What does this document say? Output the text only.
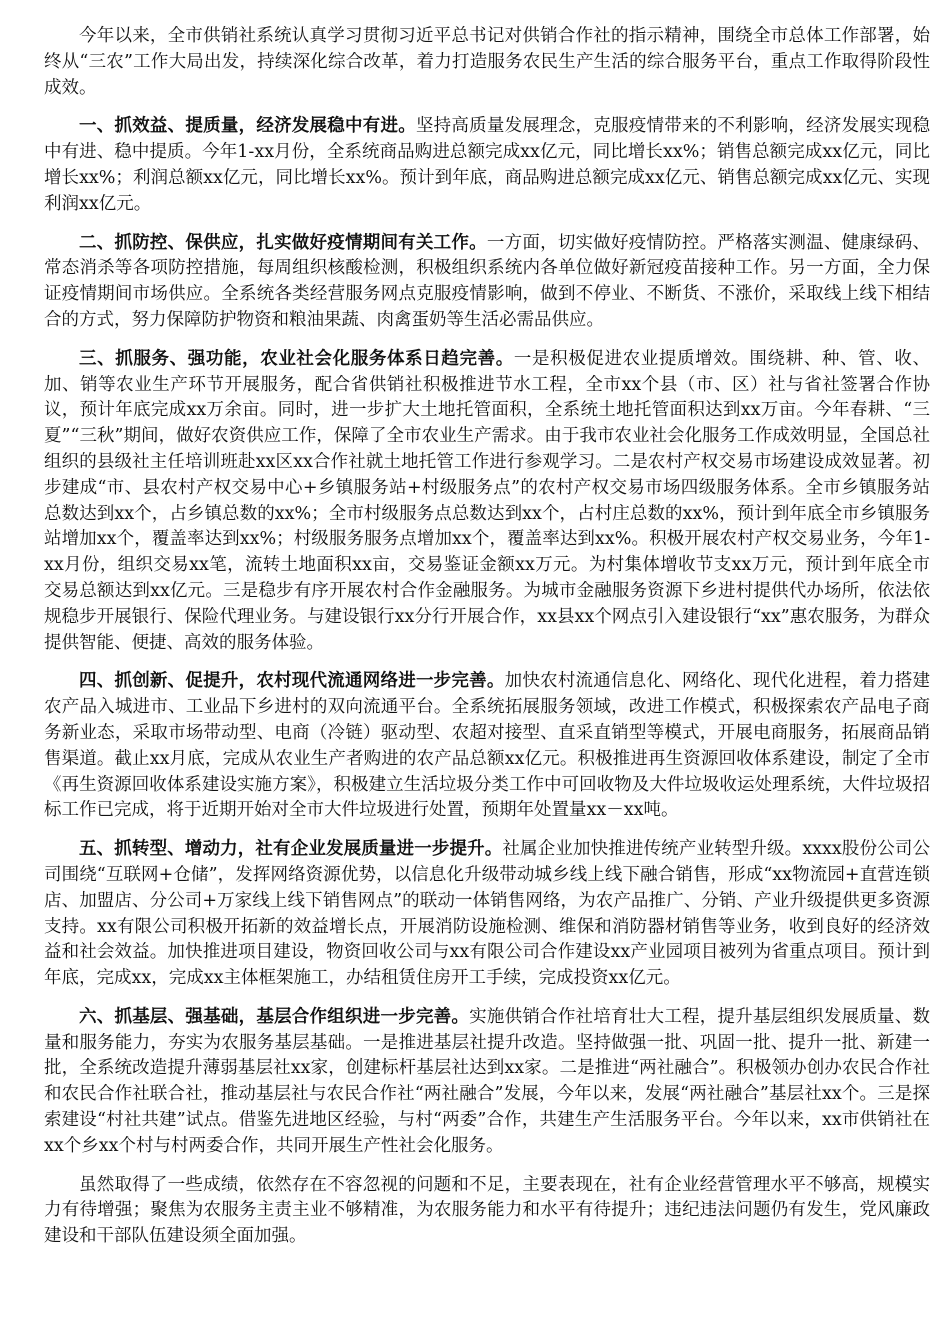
今年以来，全市供销社系统认真学习贯彻习近平总书记对供销合作社的指示精神，围绕全市总体工作部署，始终从“三农”工作大局出发，持续深化综合改革，着力打造服务农民生产生活的综合服务平台，重点工作取得阶段性成效。

一、抓效益、提质量，经济发展稳中有进。坚持高质量发展理念，克服疫情带来的不利影响，经济发展实现稳中有进、稳中提质。今年1-xx月份，全系统商品购进总额完成xx亿元，同比增长xx%；销售总额完成xx亿元，同比增长xx%；利润总额xx亿元，同比增长xx%。预计到年底，商品购进总额完成xx亿元、销售总额完成xx亿元、实现利润xx亿元。

二、抓防控、保供应，扎实做好疫情期间有关工作。一方面，切实做好疫情防控。严格落实测温、健康绿码、常态消杀等各项防控措施，每周组织核酸检测，积极组织系统内各单位做好新冠疫苗接种工作。另一方面，全力保证疫情期间市场供应。全系统各类经营服务网点克服疫情影响，做到不停业、不断货、不涨价，采取线上线下相结合的方式，努力保障防护物资和粮油果蔬、肉禽蛋奶等生活必需品供应。

三、抓服务、强功能，农业社会化服务体系日趋完善。一是积极促进农业提质增效。围绕耕、种、管、收、加、销等农业生产环节开展服务，配合省供销社积极推进节水工程，全市xx个县（市、区）社与省社签署合作协议，预计年底完成xx万余亩。同时，进一步扩大土地托管面积，全系统土地托管面积达到xx万亩。今年春耕、“三夏”“三秋”期间，做好农资供应工作，保障了全市农业生产需求。由于我市农业社会化服务工作成效明显，全国总社组织的县级社主任培训班赴xx区xx合作社就土地托管工作进行参观学习。二是农村产权交易市场建设成效显著。初步建成“市、县农村产权交易中心+乡镇服务站+村级服务点”的农村产权交易市场四级服务体系。全市乡镇服务站总数达到xx个，占乡镇总数的xx%；全市村级服务点总数达到xx个，占村庄总数的xx%，预计到年底全市乡镇服务站增加xx个，覆盖率达到xx%；村级服务服务点增加xx个，覆盖率达到xx%。积极开展农村产权交易业务，今年1-xx月份，组织交易xx笔，流转土地面积xx亩，交易鉴证金额xx万元。为村集体增收节支xx万元，预计到年底全市交易总额达到xx亿元。三是稳步有序开展农村合作金融服务。为城市金融服务资源下乡进村提供代办场所，依法依规稳步开展银行、保险代理业务。与建设银行xx分行开展合作，xx县xx个网点引入建设银行“xx”惠农服务，为群众提供智能、便捷、高效的服务体验。

四、抓创新、促提升，农村现代流通网络进一步完善。加快农村流通信息化、网络化、现代化进程，着力搭建农产品入城进市、工业品下乡进村的双向流通平台。全系统拓展服务领域，改进工作模式，积极探索农产品电子商务新业态，采取市场带动型、电商（冷链）驱动型、农超对接型、直采直销型等模式，开展电商服务，拓展商品销售渠道。截止xx月底，完成从农业生产者购进的农产品总额xx亿元。积极推进再生资源回收体系建设，制定了全市《再生资源回收体系建设实施方案》，积极建立生活垃圾分类工作中可回收物及大件垃圾收运处理系统，大件垃圾招标工作已完成，将于近期开始对全市大件垃圾进行处置，预期年处置量xx－xx吨。

五、抓转型、增动力，社有企业发展质量进一步提升。社属企业加快推进传统产业转型升级。xxxx股份公司公司围绕“互联网+仓储”，发挥网络资源优势，以信息化升级带动城乡线上线下融合销售，形成“xx物流园+直营连锁店、加盟店、分公司+万家线上线下销售网点”的联动一体销售网络，为农产品推广、分销、产业升级提供更多资源支持。xx有限公司积极开拓新的效益增长点，开展消防设施检测、维保和消防器材销售等业务，收到良好的经济效益和社会效益。加快推进项目建设，物资回收公司与xx有限公司合作建设xx产业园项目被列为省重点项目。预计到年底，完成xx，完成xx主体框架施工，办结租赁住房开工手续，完成投资xx亿元。

六、抓基层、强基础，基层合作组织进一步完善。实施供销合作社培育壮大工程，提升基层组织发展质量、数量和服务能力，夯实为农服务基层基础。一是推进基层社提升改造。坚持做强一批、巩固一批、提升一批、新建一批，全系统改造提升薄弱基层社xx家，创建标杆基层社达到xx家。二是推进“两社融合”。积极领办创办农民合作社和农民合作社联合社，推动基层社与农民合作社“两社融合”发展，今年以来，发展“两社融合”基层社xx个。三是探索建设“村社共建”试点。借鉴先进地区经验，与村“两委”合作，共建生产生活服务平台。今年以来，xx市供销社在xx个乡xx个村与村两委合作，共同开展生产性社会化服务。

虽然取得了一些成绩，依然存在不容忽视的问题和不足，主要表现在，社有企业经营管理水平不够高，规模实力有待增强；聚焦为农服务主责主业不够精准，为农服务能力和水平有待提升；违纪违法问题仍有发生，党风廉政建设和干部队伍建设须全面加强。
